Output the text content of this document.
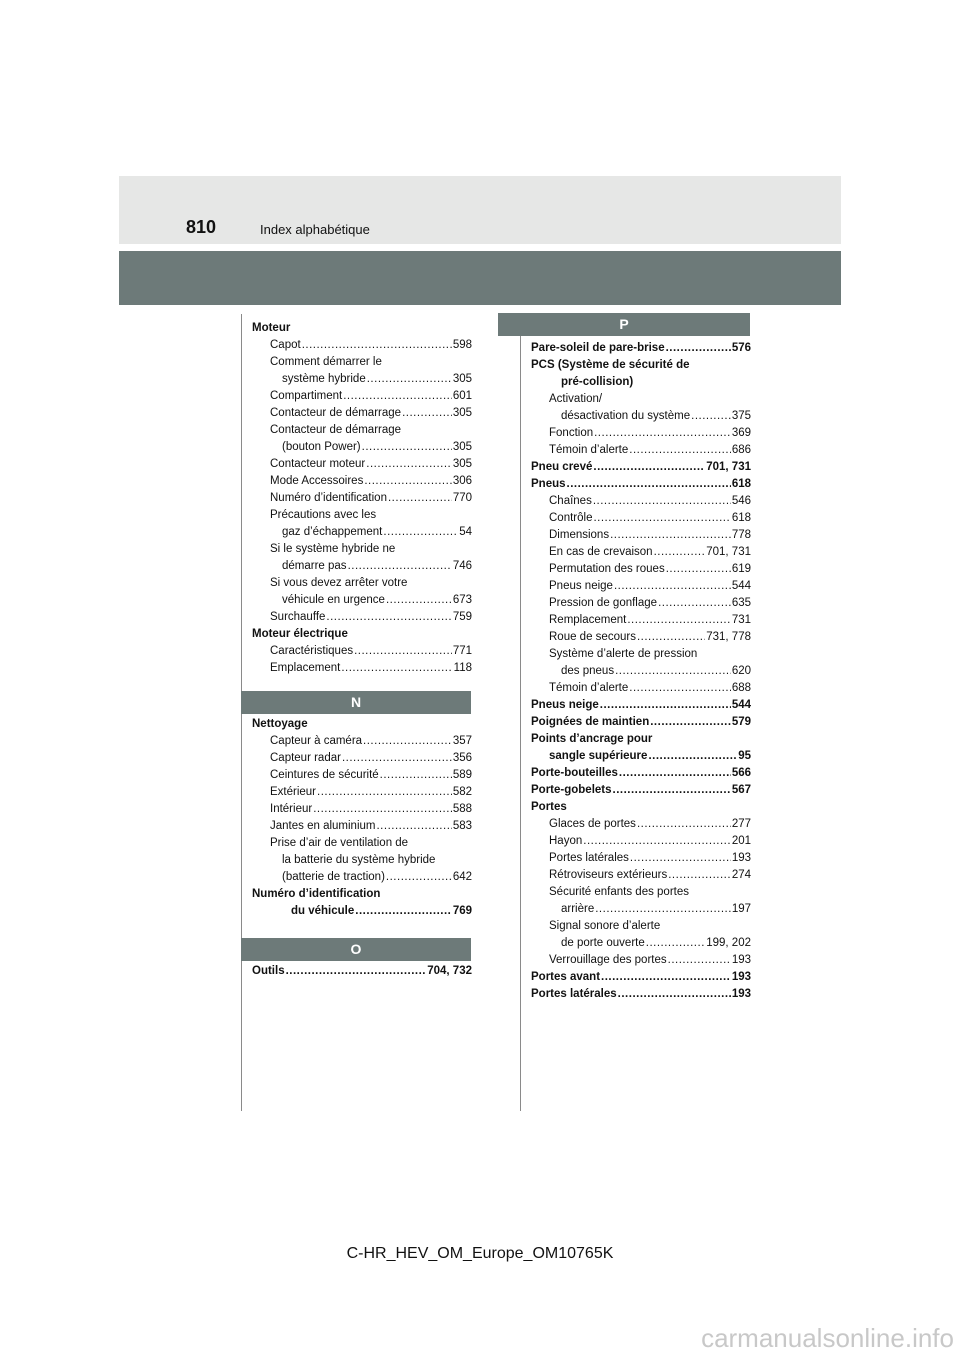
810	Index alphabétique
Moteur
Capot .....	598
Comment démarrer le
système hybride .....	305
Compartiment .....	601
Contacteur de démarrage .....	305
Contacteur de démarrage
(bouton Power) .....	305
Contacteur moteur .....	305
Mode Accessoires .....	306
Numéro d’identification .....	770
Précautions avec les
gaz d’échappement .....	54
Si le système hybride ne
démarre pas .....	746
Si vous devez arrêter votre
véhicule en urgence .....	673
Surchauffe .....	759
Moteur électrique
Caractéristiques .....	771
Emplacement .....	118
N
Nettoyage
Capteur à caméra .....	357
Capteur radar .....	356
Ceintures de sécurité .....	589
Extérieur .....	582
Intérieur .....	588
Jantes en aluminium .....	583
Prise d’air de ventilation de
la batterie du système hybride
(batterie de traction) .....	642
Numéro d’identification
du véhicule .....	769
O
Outils .....	704, 732
P
Pare-soleil de pare-brise .....	576
PCS (Système de sécurité de
pré-collision)
Activation/
désactivation du système .....	375
Fonction .....	369
Témoin d’alerte .....	686
Pneu crevé .....	701, 731
Pneus .....	618
Chaînes .....	546
Contrôle .....	618
Dimensions .....	778
En cas de crevaison .....	701, 731
Permutation des roues .....	619
Pneus neige .....	544
Pression de gonflage .....	635
Remplacement .....	731
Roue de secours .....	731, 778
Système d’alerte de pression
des pneus .....	620
Témoin d’alerte .....	688
Pneus neige .....	544
Poignées de maintien .....	579
Points d’ancrage pour
sangle supérieure .....	95
Porte-bouteilles .....	566
Porte-gobelets .....	567
Portes
Glaces de portes .....	277
Hayon .....	201
Portes latérales .....	193
Rétroviseurs extérieurs .....	274
Sécurité enfants des portes
arrière .....	197
Signal sonore d’alerte
de porte ouverte .....	199, 202
Verrouillage des portes .....	193
Portes avant .....	193
Portes latérales .....	193
C-HR_HEV_OM_Europe_OM10765K
carmanualsonline.info
